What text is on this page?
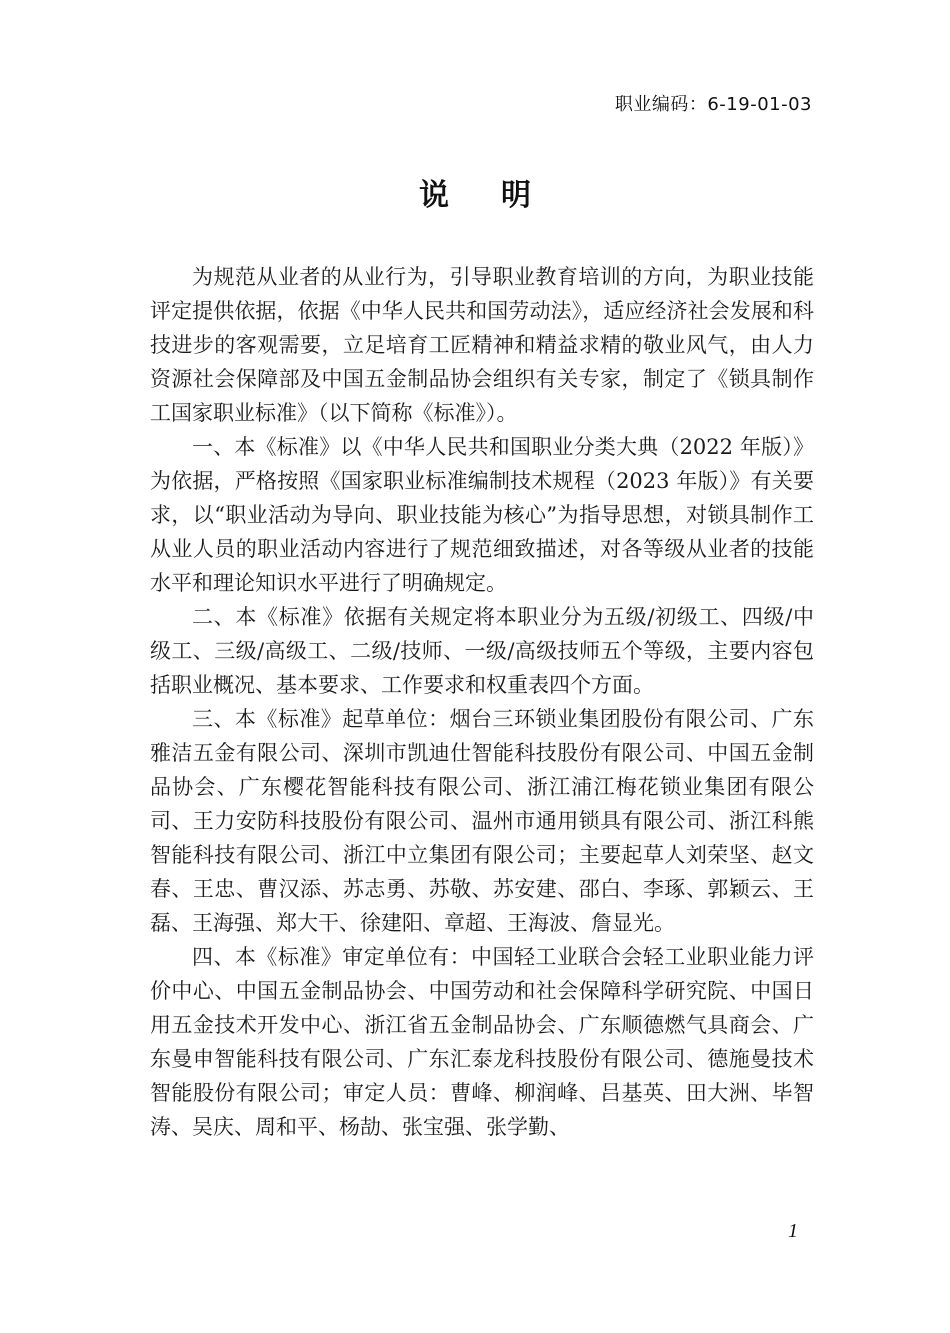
职业编码：6-19-01-03
说明

为规范从业者的从业行为，引导职业教育培训的方向，为职业技能评定提供依据，依据《中华人民共和国劳动法》，适应经济社会发展和科技进步的客观需要，立足培育工匠精神和精益求精的敬业风气，由人力资源社会保障部及中国五金制品协会组织有关专家，制定了《锁具制作工国家职业标准》（以下简称《标准》）。

一、本《标准》以《中华人民共和国职业分类大典（2022 年版）》为依据，严格按照《国家职业标准编制技术规程（2023 年版）》有关要求，以“职业活动为导向、职业技能为核心”为指导思想，对锁具制作工从业人员的职业活动内容进行了规范细致描述，对各等级从业者的技能水平和理论知识水平进行了明确规定。

二、本《标准》依据有关规定将本职业分为五级/初级工、四级/中级工、三级/高级工、二级/技师、一级/高级技师五个等级，主要内容包括职业概况、基本要求、工作要求和权重表四个方面。

三、本《标准》起草单位：烟台三环锁业集团股份有限公司、广东雅洁五金有限公司、深圳市凯迪仕智能科技股份有限公司、中国五金制品协会、广东樱花智能科技有限公司、浙江浦江梅花锁业集团有限公司、王力安防科技股份有限公司、温州市通用锁具有限公司、浙江科熊智能科技有限公司、浙江中立集团有限公司；主要起草人刘荣坚、赵文春、王忠、曹汉添、苏志勇、苏敬、苏安建、邵白、李琢、郭颖云、王磊、王海强、郑大干、徐建阳、章超、王海波、詹显光。

四、本《标准》审定单位有：中国轻工业联合会轻工业职业能力评价中心、中国五金制品协会、中国劳动和社会保障科学研究院、中国日用五金技术开发中心、浙江省五金制品协会、广东顺德燃气具商会、广东曼申智能科技有限公司、广东汇泰龙科技股份有限公司、德施曼技术智能股份有限公司；审定人员：曹峰、柳润峰、吕基英、田大洲、毕智涛、吴庆、周和平、杨劼、张宝强、张学勤、

1
